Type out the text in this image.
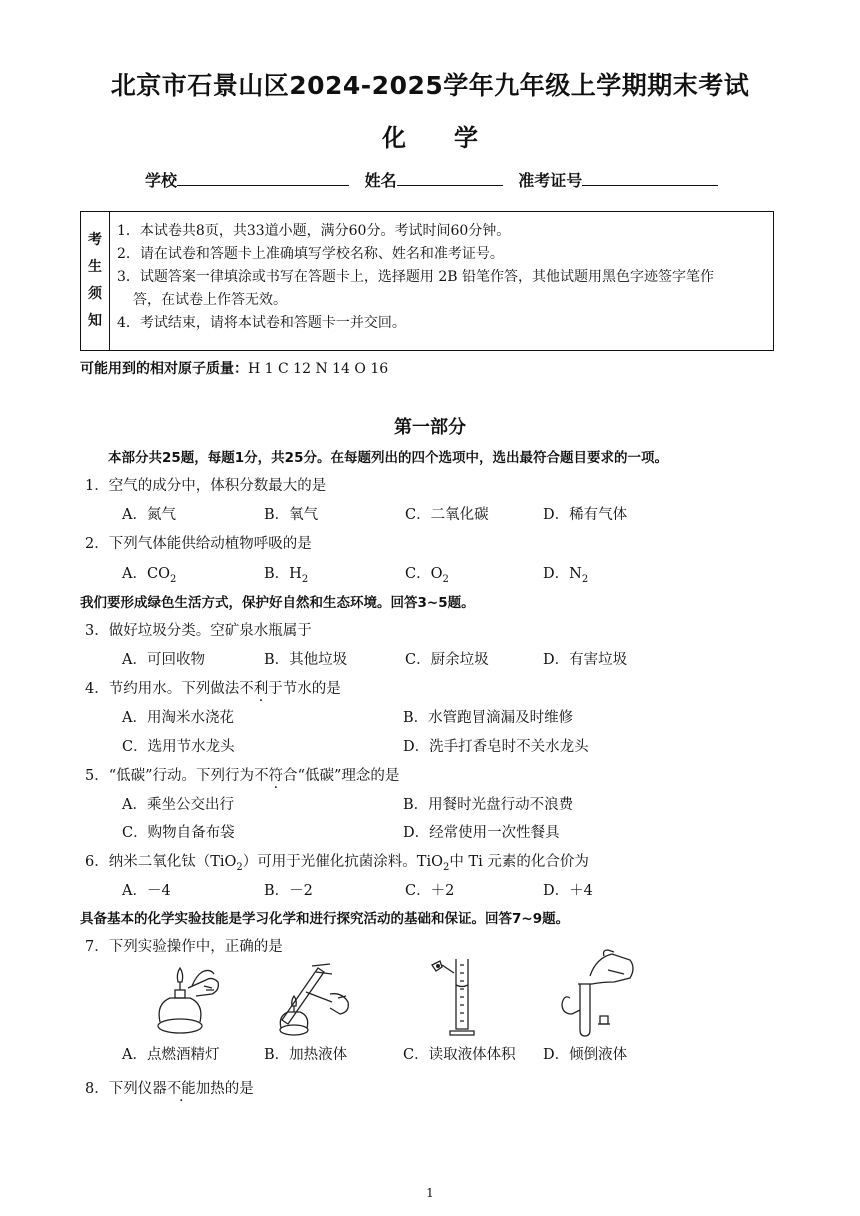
北京市石景山区2024-2025学年九年级上学期期末考试
化学
学校	姓名	准考证号
考
生
须
知
1．本试卷共8页，共33道小题，满分60分。考试时间60分钟。
2．请在试卷和答题卡上准确填写学校名称、姓名和准考证号。
3．试题答案一律填涂或书写在答题卡上，选择题用 2B 铅笔作答，其他试题用黑色字迹签字笔作
答，在试卷上作答无效。
4．考试结束，请将本试卷和答题卡一并交回。
可能用到的相对原子质量：H 1 C 12 N 14 O 16
第一部分
本部分共25题，每题1分，共25分。在每题列出的四个选项中，选出最符合题目要求的一项。
1．空气的成分中，体积分数最大的是
A．氮气	B．氧气	C．二氧化碳	D．稀有气体
2．下列气体能供给动植物呼吸的是
A．$CO_2$	B．$H_2$	C．$O_2$	D．$N_2$
我们要形成绿色生活方式，保护好自然和生态环境。回答3~5题。
3．做好垃圾分类。空矿泉水瓶属于
A．可回收物	B．其他垃圾	C．厨余垃圾	D．有害垃圾
4．节约用水。下列做法不利于节水的是
A．用淘米水浇花	B．水管跑冒滴漏及时维修
C．选用节水龙头	D．洗手打香皂时不关水龙头
5．“低碳”行动。下列行为不符合“低碳”理念的是
A．乘坐公交出行	B．用餐时光盘行动不浪费
C．购物自备布袋	D．经常使用一次性餐具
6．纳米二氧化钛（TiO$_2$）可用于光催化抗菌涂料。TiO$_2$中 Ti 元素的化合价为
A．－4	B．－2	C．＋2	D．＋4
具备基本的化学实验技能是学习化学和进行探究活动的基础和保证。回答7~9题。
7．下列实验操作中，正确的是
A．点燃酒精灯	B．加热液体	C．读取液体体积 D．倾倒液体
8．下列仪器不能加热的是
1
